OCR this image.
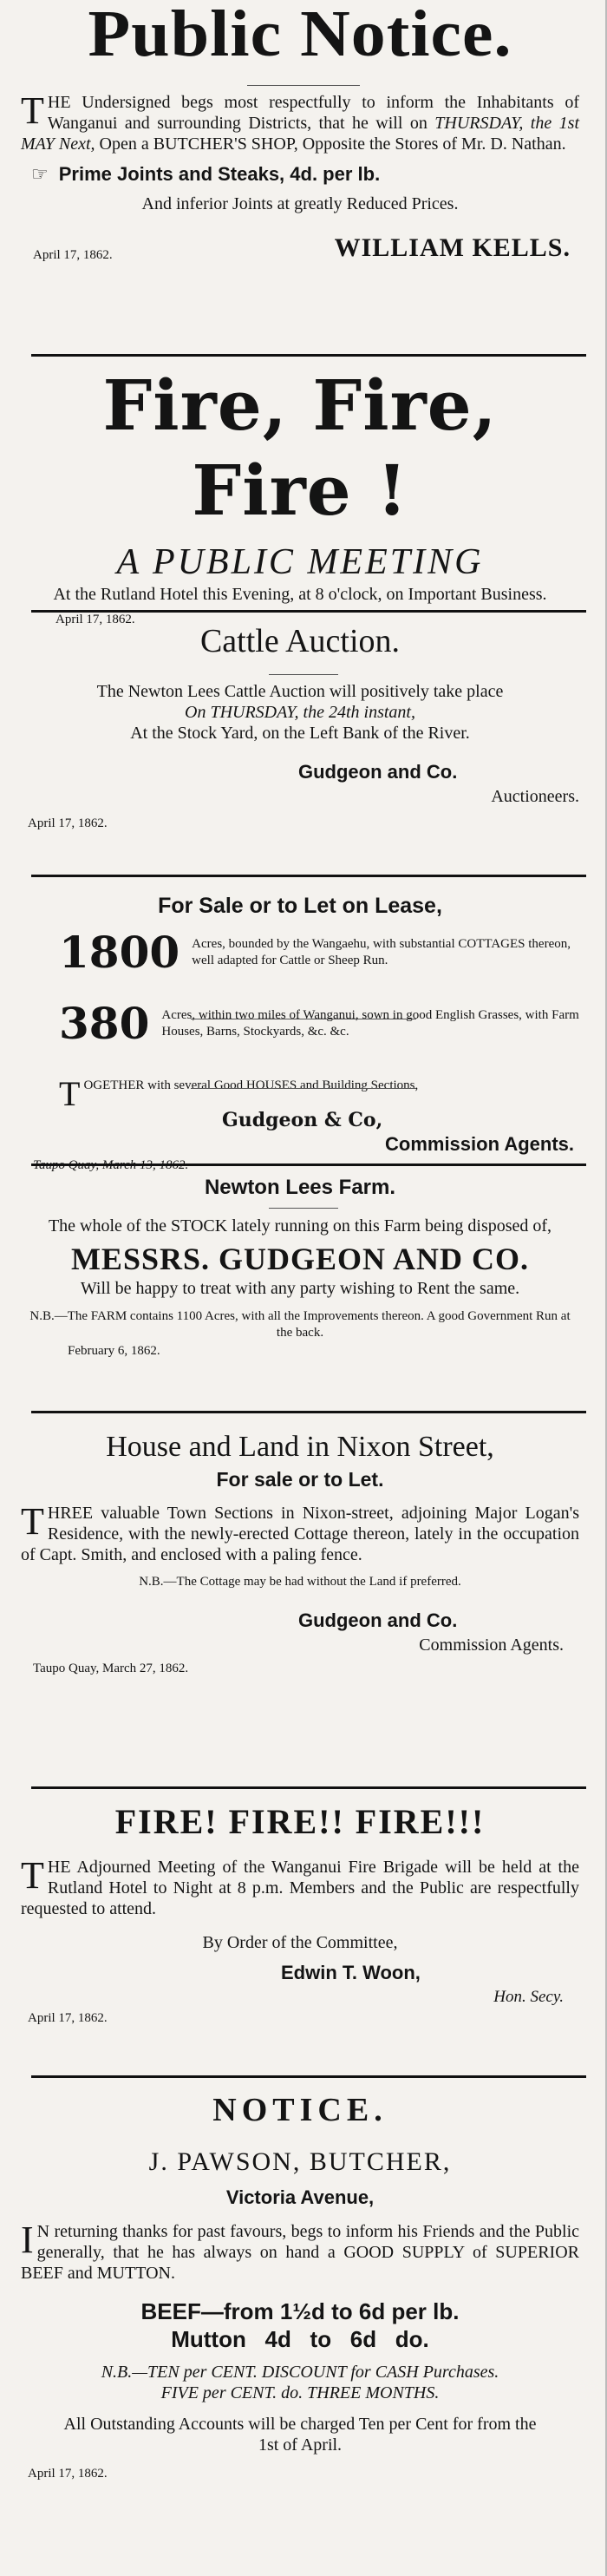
Public Notice.

THE Undersigned begs most respectfully to inform the Inhabitants of Wanganui and surrounding Districts, that he will on THURSDAY, the 1st MAY Next, Open a BUTCHER'S SHOP, Opposite the Stores of Mr. D. Nathan.

☞ Prime Joints and Steaks, 4d. per lb.
And inferior Joints at greatly Reduced Prices.
April 17, 1862.	WILLIAM KELLS.
Fire, Fire, Fire !
A PUBLIC MEETING
At the Rutland Hotel this Evening, at 8 o'clock, on Important Business.
April 17, 1862.
Cattle Auction.
The Newton Lees Cattle Auction will positively take place
On THURSDAY, the 24th instant,
At the Stock Yard, on the Left Bank of the River.
Gudgeon and Co.
Auctioneers.
April 17, 1862.
For Sale or to Let on Lease,
1800 Acres, bounded by the Wangaehu, with substantial COTTAGES thereon, well adapted for Cattle or Sheep Run.
380 Acres, within two miles of Wanganui, sown in good English Grasses, with Farm Houses, Barns, Stockyards, &c. &c.
TOGETHER with several Good HOUSES and Building Sections,
Gudgeon & Co,
Commission Agents.
Taupo Quay, March 13, 1862.
Newton Lees Farm.
The whole of the STOCK lately running on this Farm being disposed of,
MESSRS. GUDGEON AND CO.
Will be happy to treat with any party wishing to Rent the same.
N.B.—The FARM contains 1100 Acres, with all the Improvements thereon. A good Government Run at the back.
February 6, 1862.
House and Land in Nixon Street,
For sale or to Let.

THREE valuable Town Sections in Nixon-street, adjoining Major Logan's Residence, with the newly-erected Cottage thereon, lately in the occupation of Capt. Smith, and enclosed with a paling fence.

N.B.—The Cottage may be had without the Land if preferred.
Gudgeon and Co.
Commission Agents.
Taupo Quay, March 27, 1862.
FIRE! FIRE!! FIRE!!!

THE Adjourned Meeting of the Wanganui Fire Brigade will be held at the Rutland Hotel to Night at 8 p.m. Members and the Public are respectfully requested to attend.

By Order of the Committee,
Edwin T. Woon,
Hon. Secy.
April 17, 1862.
NOTICE.
J. PAWSON, BUTCHER,
Victoria Avenue,

I N returning thanks for past favours, begs to inform his Friends and the Public generally, that he has always on hand a GOOD SUPPLY of SUPERIOR BEEF and MUTTON.

BEEF—from 1½d to 6d per lb.
Mutton   4d   to   6d   do.
N.B.—TEN per CENT. DISCOUNT for CASH Purchases.
FIVE per CENT. do. THREE MONTHS.
All Outstanding Accounts will be charged Ten per Cent for from the 1st of April.
April 17, 1862.
